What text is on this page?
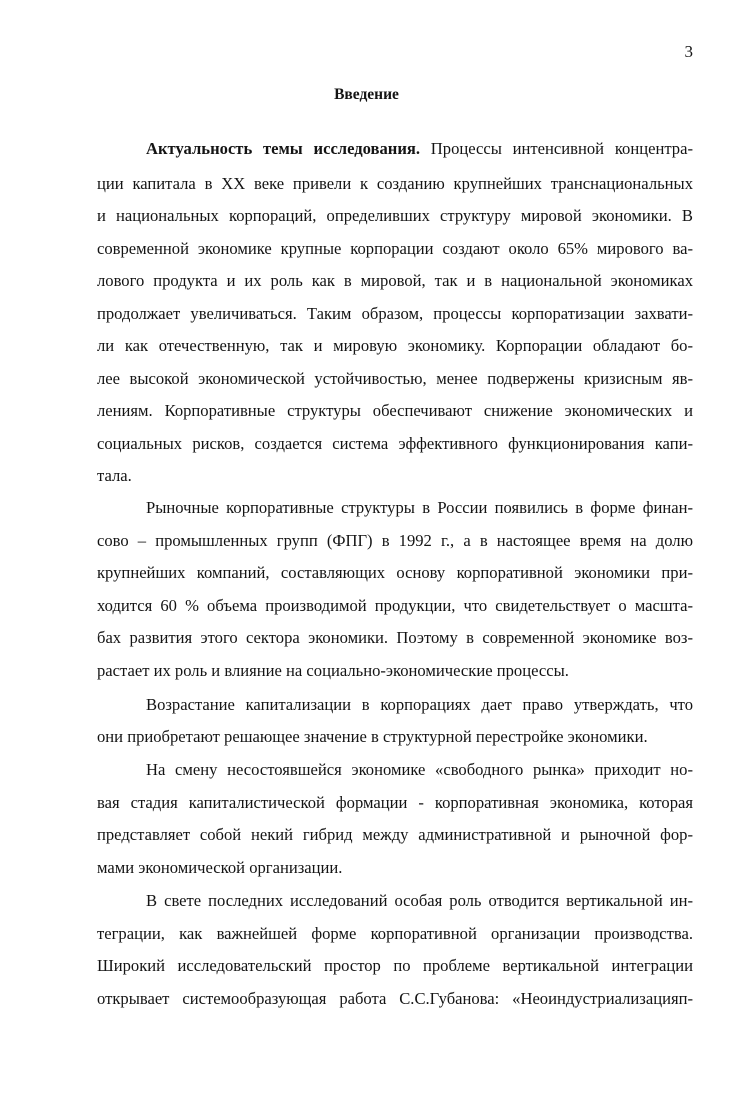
3
Введение
Актуальность темы исследования. Процессы интенсивной концентра-
ции капитала в XX веке привели к созданию крупнейших транснациональных
и национальных корпораций, определивших структуру мировой экономики. В
современной экономике крупные корпорации создают около 65% мирового ва-
лового продукта и их роль как в мировой, так и в национальной экономиках
продолжает увеличиваться. Таким образом, процессы корпоратизации захвати-
ли как отечественную, так и мировую экономику. Корпорации обладают бо-
лее высокой экономической устойчивостью, менее подвержены кризисным яв-
лениям. Корпоративные структуры обеспечивают снижение экономических и
социальных рисков, создается система эффективного функционирования капи-
тала.
Рыночные корпоративные структуры в России появились в форме финан-
сово – промышленных групп (ФПГ) в 1992 г., а в настоящее время на долю
крупнейших компаний, составляющих основу корпоративной экономики при-
ходится 60 % объема производимой продукции, что свидетельствует о масшта-
бах развития этого сектора экономики. Поэтому в современной экономике воз-
растает их роль и влияние на социально-экономические процессы.
Возрастание капитализации в корпорациях дает право утверждать, что
они приобретают решающее значение в структурной перестройке экономики.
На смену несостоявшейся экономике «свободного рынка» приходит но-
вая стадия капиталистической формации - корпоративная экономика, которая
представляет собой некий гибрид между административной и рыночной фор-
мами экономической организации.
В свете последних исследований особая роль отводится вертикальной ин-
теграции, как важнейшей форме корпоративной организации производства.
Широкий исследовательский простор по проблеме вертикальной интеграции
открывает системообразующая работа С.С.Губанова: «Неоиндустриализацияп-
